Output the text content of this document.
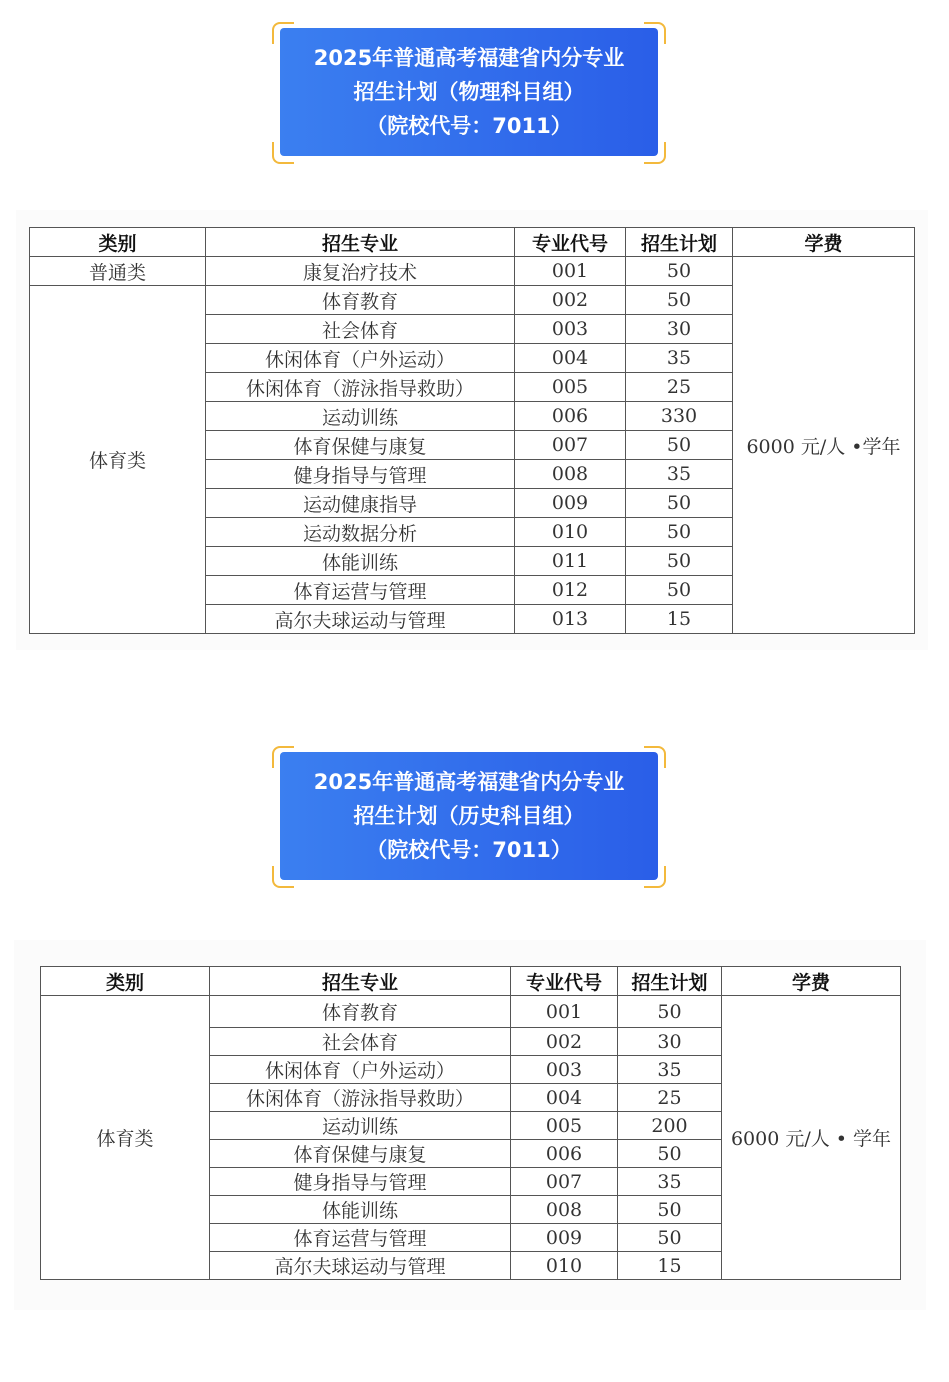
2025年普通高考福建省内分专业
招生计划（物理科目组）
（院校代号：7011）
类别	招生专业	专业代号	招生计划	学费
普通类	康复治疗技术	001	50	6000 元/人 •学年
体育类	体育教育	002	50	
	社会体育	003	30	
	休闲体育（户外运动）	004	35	
	休闲体育（游泳指导救助）	005	25	
	运动训练	006	330	
	体育保健与康复	007	50	
	健身指导与管理	008	35	
	运动健康指导	009	50	
	运动数据分析	010	50	
	体能训练	011	50	
	体育运营与管理	012	50	
	高尔夫球运动与管理	013	15	
2025年普通高考福建省内分专业
招生计划（历史科目组）
（院校代号：7011）
类别	招生专业	专业代号	招生计划	学费
体育类	体育教育	001	50	6000 元/人 • 学年
	社会体育	002	30	
	休闲体育（户外运动）	003	35	
	休闲体育（游泳指导救助）	004	25	
	运动训练	005	200	
	体育保健与康复	006	50	
	健身指导与管理	007	35	
	体能训练	008	50	
	体育运营与管理	009	50	
	高尔夫球运动与管理	010	15	
